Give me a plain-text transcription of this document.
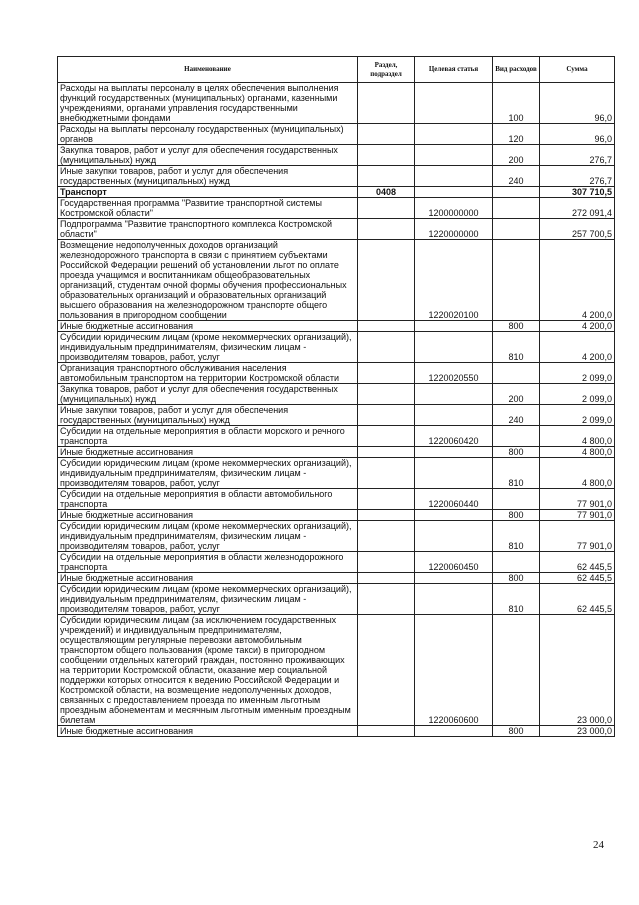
Наименование	Раздел, подраздел	Целевая статья	Вид расходов	Сумма
Расходы на выплаты персоналу в целях обеспечения выполнения функций государственных (муниципальных) органами, казенными учреждениями, органами управления государственными внебюджетными фондами			100	96,0
Расходы на выплаты персоналу государственных (муниципальных) органов			120	96,0
Закупка товаров, работ и услуг для обеспечения государственных (муниципальных) нужд			200	276,7
Иные закупки товаров, работ и услуг для обеспечения государственных (муниципальных) нужд			240	276,7
Транспорт	0408			307 710,5
Государственная программа "Развитие транспортной системы Костромской области"		1200000000		272 091,4
Подпрограмма "Развитие транспортного комплекса Костромской области"		1220000000		257 700,5
Возмещение недополученных доходов организаций железнодорожного транспорта в связи с принятием субъектами Российской Федерации решений об установлении льгот по оплате проезда учащимся и воспитанникам общеобразовательных организаций, студентам очной формы обучения профессиональных образовательных организаций и образовательных организаций высшего образования на железнодорожном транспорте общего пользования в пригородном сообщении		1220020100		4 200,0
Иные бюджетные ассигнования			800	4 200,0
Субсидии юридическим лицам (кроме некоммерческих организаций), индивидуальным предпринимателям, физическим лицам - производителям товаров, работ, услуг			810	4 200,0
Организация транспортного обслуживания населения автомобильным транспортом на территории Костромской области		1220020550		2 099,0
Закупка товаров, работ и услуг для обеспечения государственных (муниципальных) нужд			200	2 099,0
Иные закупки товаров, работ и услуг для обеспечения государственных (муниципальных) нужд			240	2 099,0
Субсидии на отдельные мероприятия в области морского и речного транспорта		1220060420		4 800,0
Иные бюджетные ассигнования			800	4 800,0
Субсидии юридическим лицам (кроме некоммерческих организаций), индивидуальным предпринимателям, физическим лицам - производителям товаров, работ, услуг			810	4 800,0
Субсидии на отдельные мероприятия в области автомобильного транспорта		1220060440		77 901,0
Иные бюджетные ассигнования			800	77 901,0
Субсидии юридическим лицам (кроме некоммерческих организаций), индивидуальным предпринимателям, физическим лицам - производителям товаров, работ, услуг			810	77 901,0
Субсидии на отдельные мероприятия в области железнодорожного транспорта		1220060450		62 445,5
Иные бюджетные ассигнования			800	62 445,5
Субсидии юридическим лицам (кроме некоммерческих организаций), индивидуальным предпринимателям, физическим лицам - производителям товаров, работ, услуг			810	62 445,5
Субсидии юридическим лицам (за исключением государственных учреждений) и индивидуальным предпринимателям, осуществляющим регулярные перевозки автомобильным транспортом общего пользования (кроме такси) в пригородном сообщении отдельных категорий граждан, постоянно проживающих на территории Костромской области, оказание мер социальной поддержки которых относится к ведению Российской Федерации и Костромской области, на возмещение недополученных доходов, связанных с предоставлением проезда по именным льготным проездным абонементам и месячным льготным именным проездным билетам		1220060600		23 000,0
Иные бюджетные ассигнования			800	23 000,0
24
